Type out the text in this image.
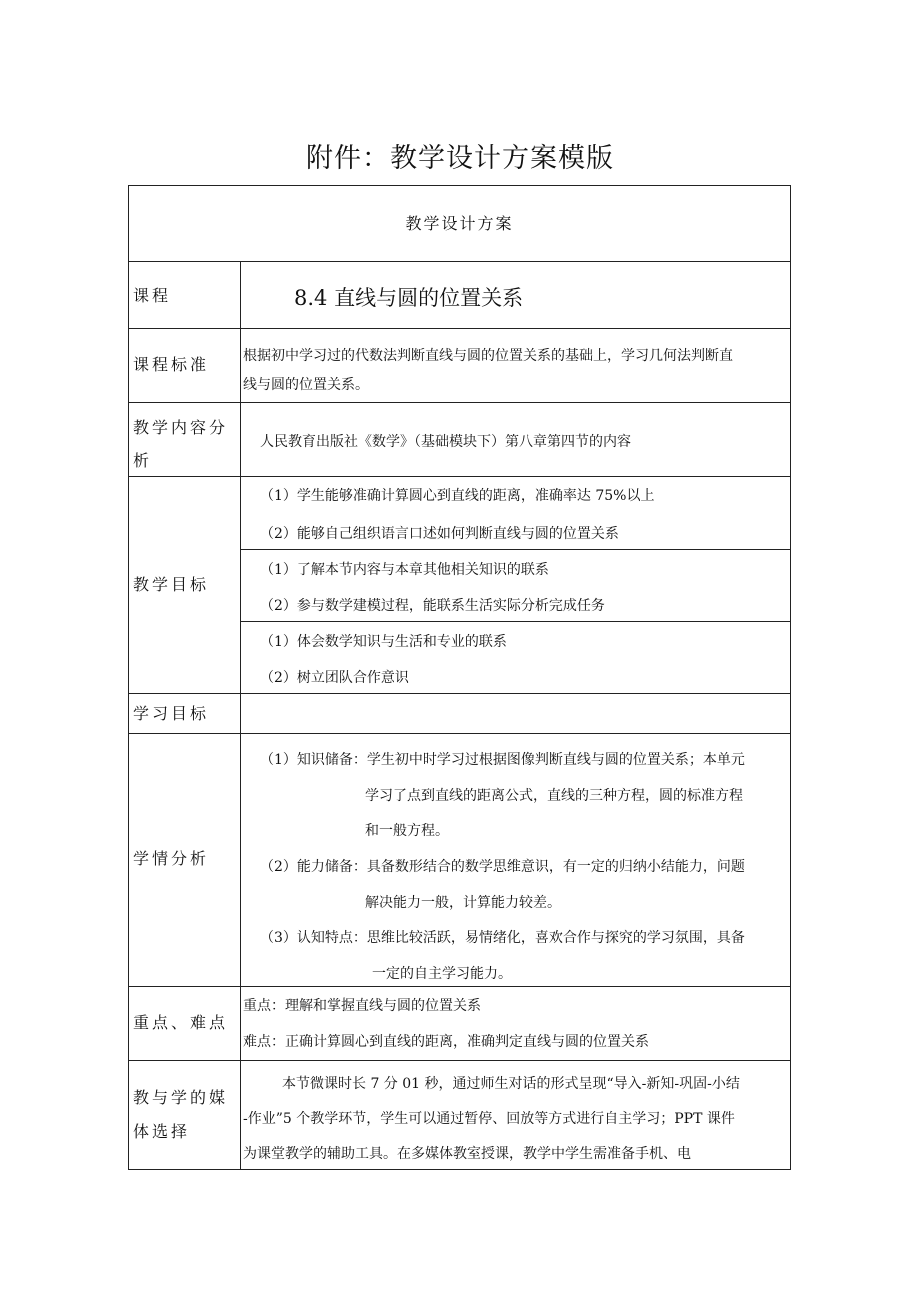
附件：教学设计方案模版
教学设计方案
课程	8.4 直线与圆的位置关系
课程标准 根据初中学习过的代数法判断直线与圆的位置关系的基础上，学习几何法判断直
线与圆的位置关系。
教学内容分
析
人民教育出版社《数学》（基础模块下）第八章第四节的内容
教学目标
（1）学生能够准确计算圆心到直线的距离，准确率达 75%以上
（2）能够自己组织语言口述如何判断直线与圆的位置关系
（1）了解本节内容与本章其他相关知识的联系
（2）参与数学建模过程，能联系生活实际分析完成任务
（1）体会数学知识与生活和专业的联系
（2）树立团队合作意识
学习目标
学情分析
（1）知识储备：学生初中时学习过根据图像判断直线与圆的位置关系；本单元
学习了点到直线的距离公式，直线的三种方程，圆的标准方程
和一般方程。
（2）能力储备：具备数形结合的数学思维意识，有一定的归纳小结能力，问题
解决能力一般，计算能力较差。
（3）认知特点：思维比较活跃，易情绪化，喜欢合作与探究的学习氛围，具备
一定的自主学习能力。
重点、难点
重点：理解和掌握直线与圆的位置关系
难点：正确计算圆心到直线的距离，准确判定直线与圆的位置关系
教与学的媒
体选择
本节微课时长 7 分 01 秒，通过师生对话的形式呈现“导入-新知-巩固-小结
-作业”5 个教学环节，学生可以通过暂停、回放等方式进行自主学习；PPT 课件
为课堂教学的辅助工具。在多媒体教室授课，教学中学生需准备手机、电
